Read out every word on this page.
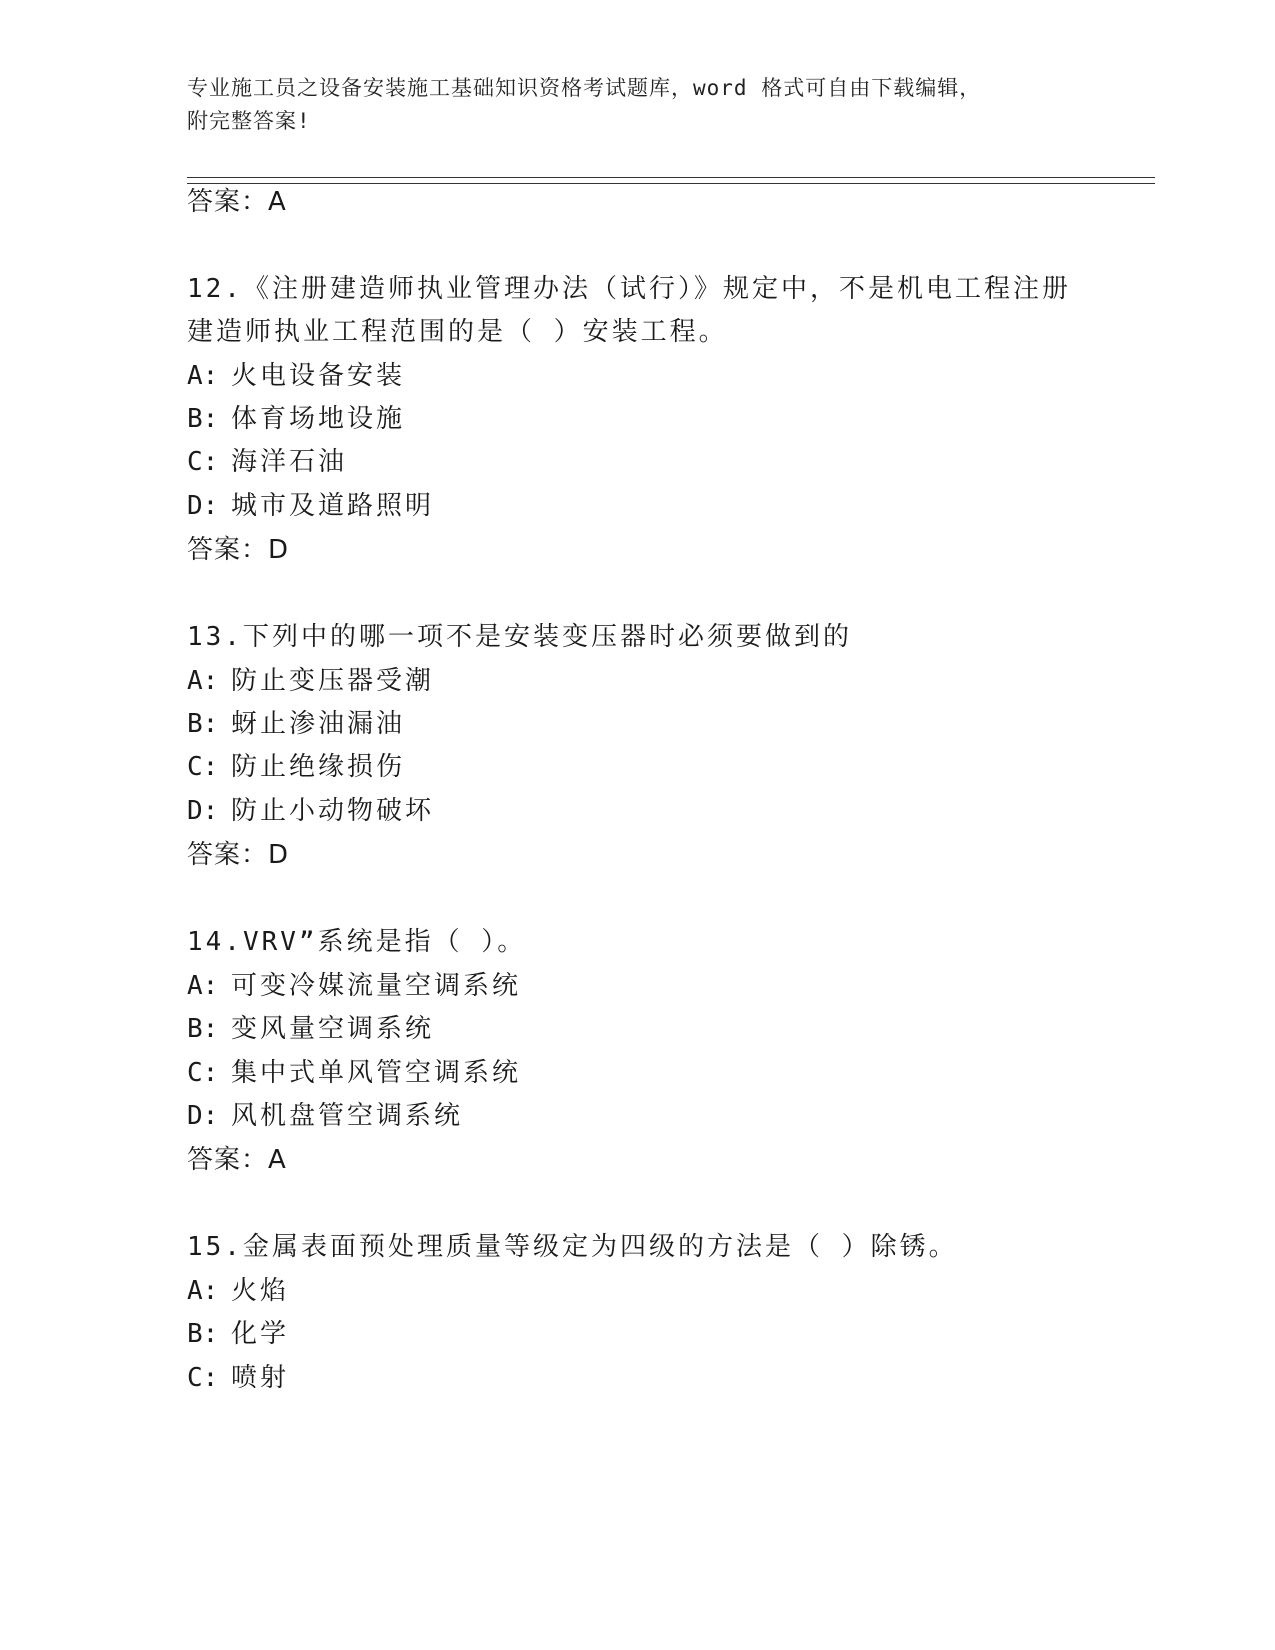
专业施工员之设备安装施工基础知识资格考试题库，word 格式可自由下载编辑，
附完整答案!
答案：A
12.《注册建造师执业管理办法（试行）》规定中，不是机电工程注册
建造师执业工程范围的是（ ）安装工程。
A: 火电设备安装
B: 体育场地设施
C: 海洋石油
D: 城市及道路照明
答案：D
13.下列中的哪一项不是安装变压器时必须要做到的
A: 防止变压器受潮
B: 蚜止渗油漏油
C: 防止绝缘损伤
D: 防止小动物破坏
答案：D
14.VRV”系统是指（ ）。
A: 可变冷媒流量空调系统
B: 变风量空调系统
C: 集中式单风管空调系统
D: 风机盘管空调系统
答案：A
15.金属表面预处理质量等级定为四级的方法是（ ）除锈。
A: 火焰
B: 化学
C: 喷射
